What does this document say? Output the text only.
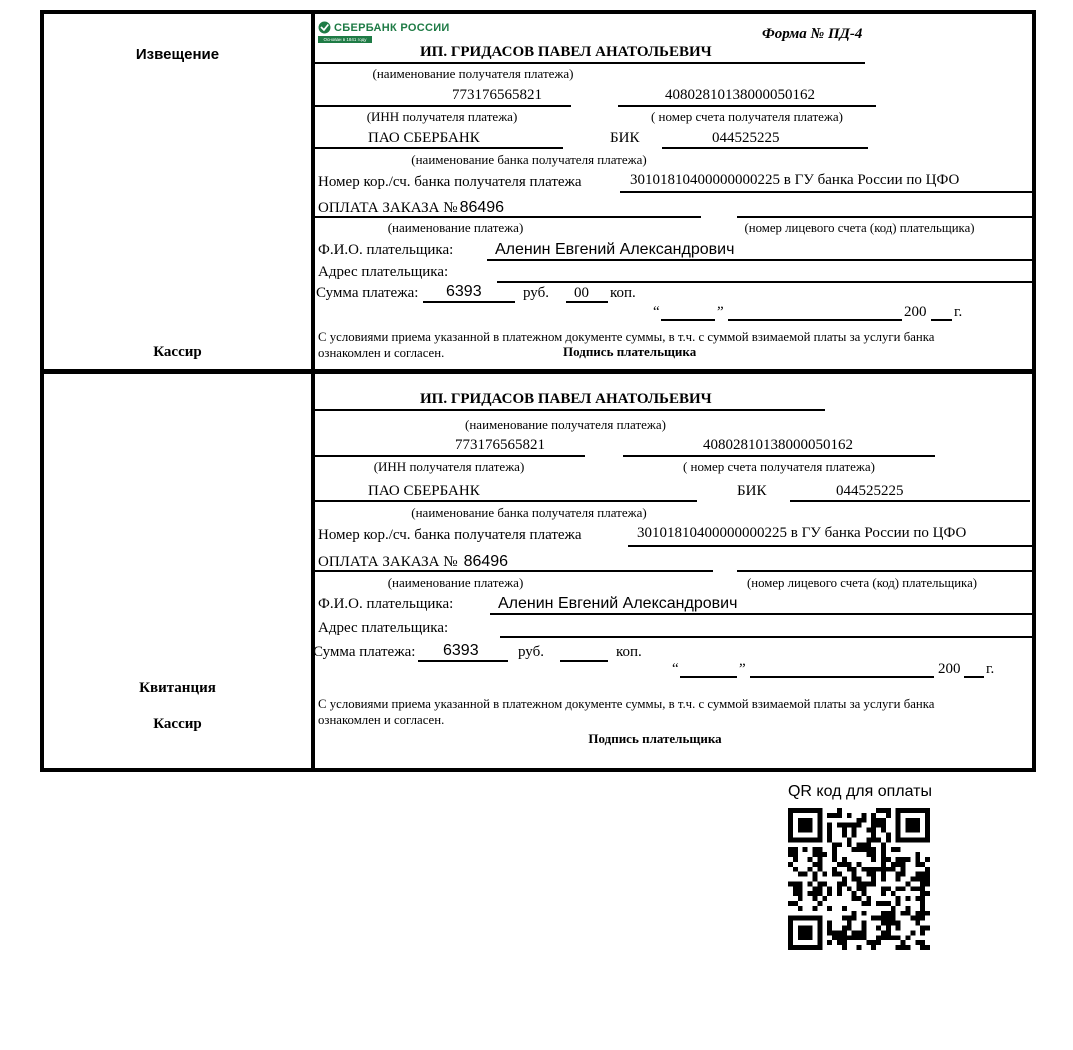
Извещение
Кассир
СБЕРБАНК РОССИИ
Основан в 1841 году	Форма № ПД-4
ИП. ГРИДАСОВ ПАВЕЛ АНАТОЛЬЕВИЧ
(наименование получателя платежа)
773176565821	40802810138000050162
(ИНН получателя платежа)	( номер счета получателя платежа)
ПАО СБЕРБАНК	БИК	044525225
(наименование банка получателя платежа)
Номер кор./сч. банка получателя платежа	30101810400000000225 в ГУ банка России по ЦФО
ОПЛАТА ЗАКАЗА № 86496
(наименование платежа)	(номер лицевого счета (код) плательщика)
Ф.И.О. плательщика:	Аленин Евгений Александрович
Адрес плательщика:
Сумма платежа: 6393	руб. 00 коп.
“	”	200 г.
С условиями приема указанной в платежном документе суммы, в т.ч. с суммой взимаемой платы за услуги банка
ознакомлен и согласен.	Подпись плательщика
ИП. ГРИДАСОВ ПАВЕЛ АНАТОЛЬЕВИЧ
(наименование получателя платежа)
773176565821	40802810138000050162
(ИНН получателя платежа)	( номер счета получателя платежа)
ПАО СБЕРБАНК	БИК	044525225
(наименование банка получателя платежа)
Номер кор./сч. банка получателя платежа	30101810400000000225 в ГУ банка России по ЦФО
ОПЛАТА ЗАКАЗА № 86496
(наименование платежа)	(номер лицевого счета (код) плательщика)
Ф.И.О. плательщика:	Аленин Евгений Александрович
Адрес плательщика:
Сумма платежа: 6393	руб.	коп.
“	”	200 г.
Квитанция
С условиями приема указанной в платежном документе суммы, в т.ч. с суммой взимаемой платы за услуги банка
ознакомлен и согласен.
Кассир
Подпись плательщика
QR код для оплаты
